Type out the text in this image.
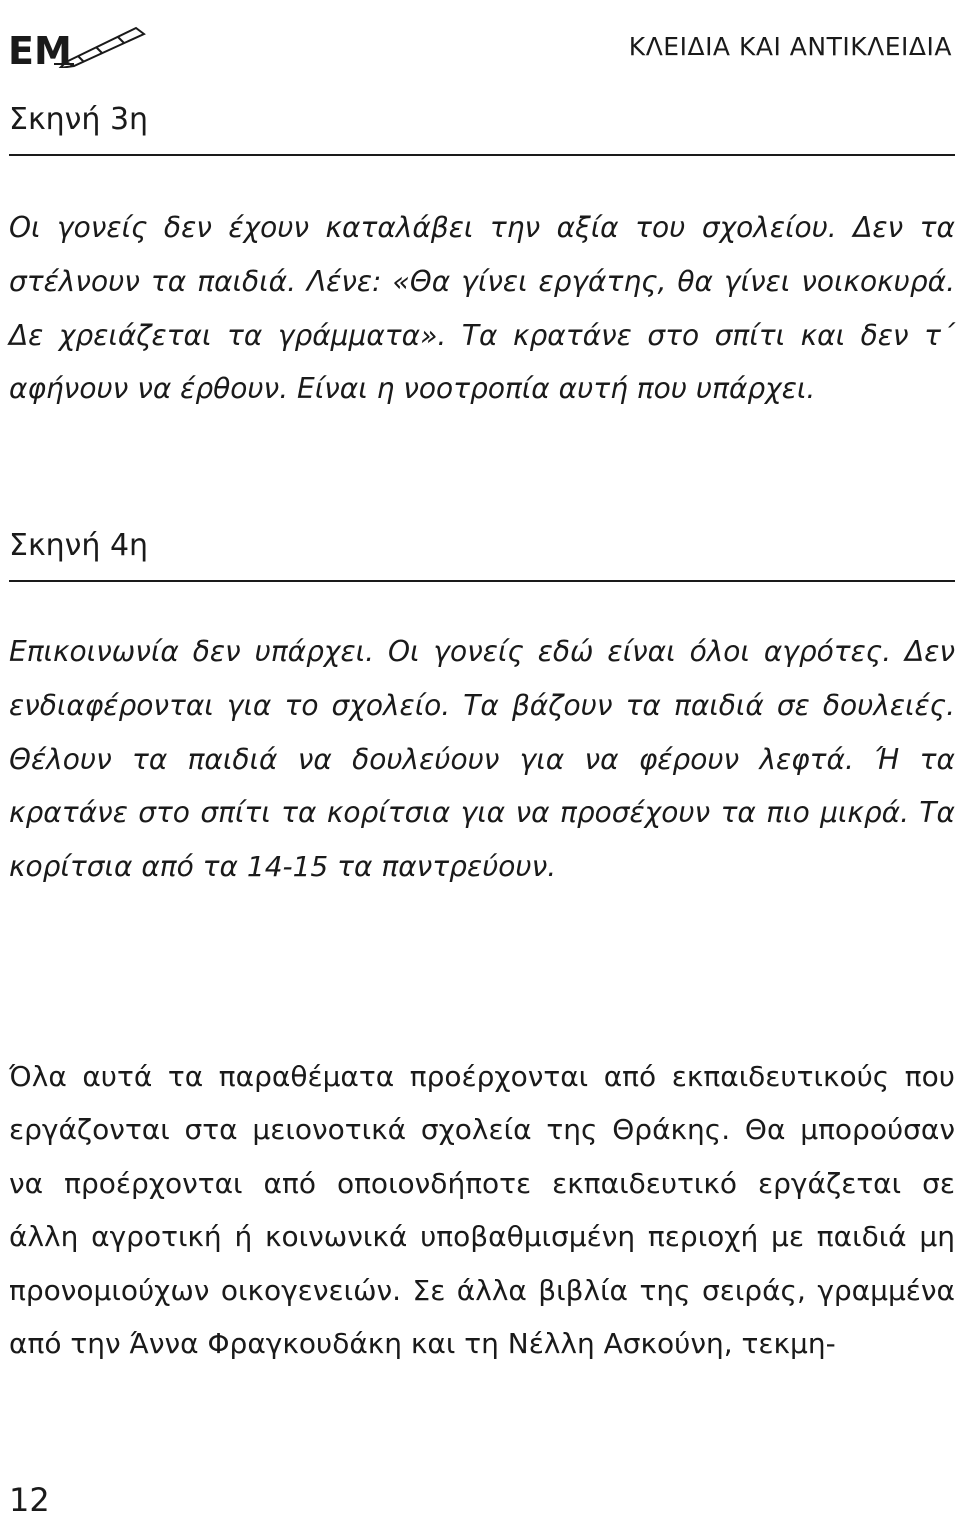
EM	ΚΛΕΙΔΙΑ ΚΑΙ ΑΝΤΙΚΛΕΙΔΙΑ
Σκηνή 3η

Οι γονείς δεν έχουν καταλάβει την αξία του σχολείου. Δεν τα στέλνουν τα παιδιά. Λένε: «Θα γίνει εργάτης, θα γίνει νοικοκυρά. Δε χρειάζεται τα γράμματα». Τα κρατάνε στο σπίτι και δεν τ΄ αφήνουν να έρθουν. Είναι η νοοτροπία αυτή που υπάρχει.

Σκηνή 4η

Επικοινωνία δεν υπάρχει. Οι γονείς εδώ είναι όλοι αγρότες. Δεν ενδιαφέρονται για το σχολείο. Τα βάζουν τα παιδιά σε δουλειές. Θέλουν τα παιδιά να δουλεύουν για να φέρουν λεφτά. Ή τα κρατάνε στο σπίτι τα κορίτσια για να προσέχουν τα πιο μικρά. Τα κορίτσια από τα 14-15 τα παντρεύουν.

Όλα αυτά τα παραθέματα προέρχονται από εκπαιδευτικούς που εργάζονται στα μειονοτικά σχολεία της Θράκης. Θα μπορούσαν να προέρχονται από οποιονδήποτε εκπαιδευτικό εργάζεται σε άλλη αγροτική ή κοινωνικά υποβαθμισμένη περιοχή με παιδιά μη προνομιούχων οικογενειών. Σε άλλα βιβλία της σειράς, γραμμένα από την Άννα Φραγκουδάκη και τη Νέλλη Ασκούνη, τεκμη-

12
